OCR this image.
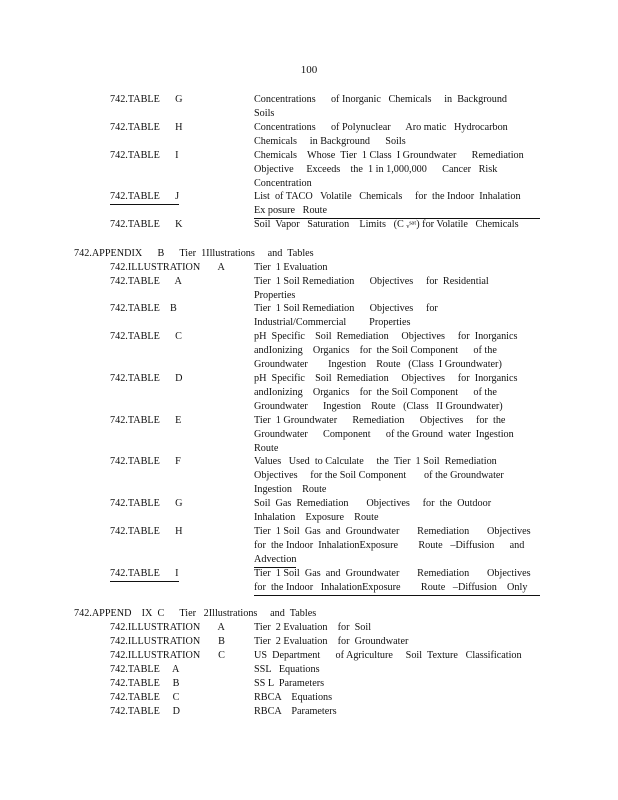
100
742.TABLE      G	Concentrations      of Inorganic   Chemicals     in  Background
Soils
742.TABLE      H	Concentrations      of Polynuclear      Aro matic   Hydrocarbon
Chemicals     in Background      Soils
742.TABLE      I	Chemicals    Whose  Tier  1 Class  I Groundwater      Remediation
Objective     Exceeds    the  1 in 1,000,000      Cancer   Risk
Concentration
742.TABLE      J	List  of TACO   Volatile   Chemicals     for  the Indoor  Inhalation
Ex posure   Route
742.TABLE      K	Soil  Vapor   Saturation    Limits   (C ᵥˢᵃᵗ) for Volatile   Chemicals
742.APPENDIX      B      Tier  1Illustrations     and  Tables
742.ILLUSTRATION       A	Tier  1 Evaluation
742.TABLE      A	Tier  1 Soil Remediation      Objectives     for  Residential
Properties
742.TABLE    B	Tier  1 Soil Remediation      Objectives     for
Industrial/Commercial         Properties
742.TABLE      C	pH  Specific    Soil  Remediation     Objectives     for  Inorganics
andIonizing    Organics    for  the Soil Component      of the
Groundwater        Ingestion    Route   (Class  I Groundwater)
742.TABLE      D	pH  Specific    Soil  Remediation     Objectives     for  Inorganics
andIonizing    Organics    for  the Soil Component      of the
Groundwater      Ingestion    Route   (Class   II Groundwater)
742.TABLE      E	Tier  1 Groundwater      Remediation      Objectives     for  the
Groundwater      Component      of the Ground  water  Ingestion
Route
742.TABLE      F	Values   Used  to Calculate     the  Tier  1 Soil  Remediation
Objectives     for the Soil Component       of the Groundwater
Ingestion    Route
742.TABLE      G	Soil  Gas  Remediation       Objectives     for  the  Outdoor
Inhalation    Exposure    Route
742.TABLE      H	Tier  1 Soil  Gas  and  Groundwater       Remediation       Objectives
for  the Indoor  InhalationExposure        Route   –Diffusion      and
Advection
742.TABLE      I	Tier  1 Soil  Gas  and  Groundwater       Remediation       Objectives
for  the Indoor   InhalationExposure        Route   –Diffusion    Only
742.APPEND    IX  C      Tier   2Illustrations     and  Tables
742.ILLUSTRATION       A	Tier  2 Evaluation    for  Soil
742.ILLUSTRATION       B	Tier  2 Evaluation    for  Groundwater
742.ILLUSTRATION       C	US  Department      of Agriculture     Soil  Texture   Classification
742.TABLE     A	SSL   Equations
742.TABLE     B	SS L  Parameters
742.TABLE     C	RBCA    Equations
742.TABLE     D	RBCA    Parameters
